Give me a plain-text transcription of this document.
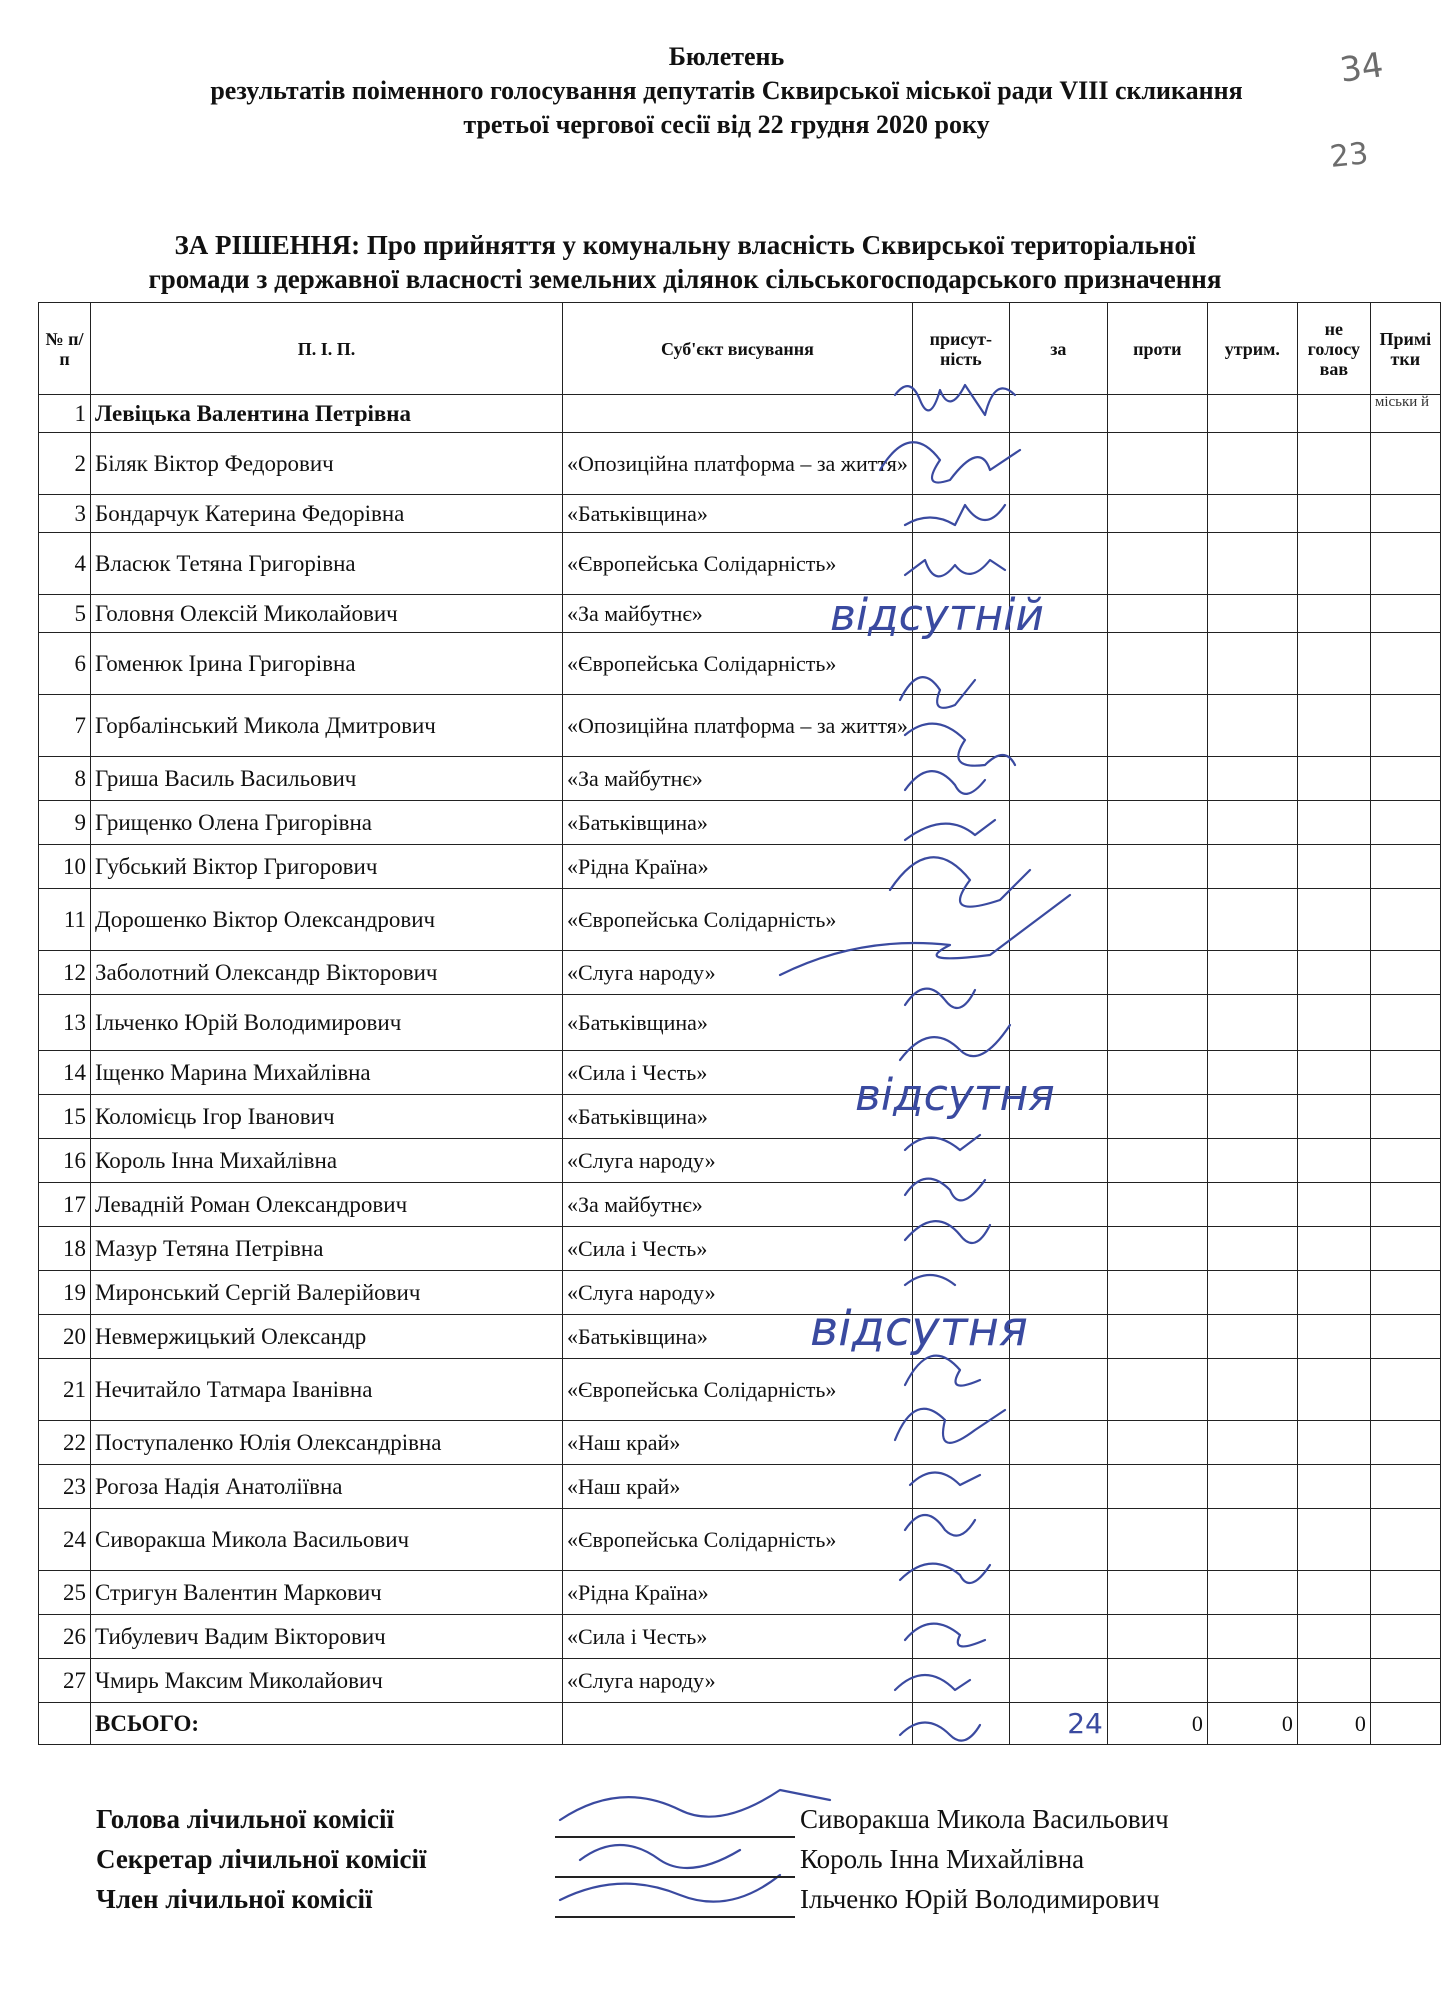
Бюлетень
результатів поіменного голосування депутатів Сквирської міської ради VIII скликання
третьої чергової сесії від 22 грудня 2020 року
34
23
ЗА РІШЕННЯ: Про прийняття у комунальну власність Сквирської територіальної
громади з державної власності земельних ділянок сільськогосподарського призначення
№ п/п	П. І. П.	Суб'єкт висування	присут-ність	за	проти	утрим.	не голосу вав	Примі тки
1	Левіцька Валентина Петрівна							міськи й
2	Біляк Віктор Федорович	«Опозиційна платформа – за життя»						
3	Бондарчук Катерина Федорівна	«Батьківщина»						
4	Власюк Тетяна Григорівна	«Європейська Солідарність»						
5	Головня Олексій Миколайович	«За майбутнє»						
6	Гоменюк Ірина Григорівна	«Європейська Солідарність»						
7	Горбалінський Микола Дмитрович	«Опозиційна платформа – за життя»						
8	Гриша Василь Васильович	«За майбутнє»						
9	Грищенко Олена Григорівна	«Батьківщина»						
10	Губський Віктор Григорович	«Рідна Країна»						
11	Дорошенко Віктор Олександрович	«Європейська Солідарність»						
12	Заболотний Олександр Вікторович	«Слуга народу»						
13	Ільченко Юрій Володимирович	«Батьківщина»						
14	Іщенко Марина Михайлівна	«Сила і Честь»						
15	Коломієць Ігор Іванович	«Батьківщина»						
16	Король Інна Михайлівна	«Слуга народу»						
17	Левадній Роман Олександрович	«За майбутнє»						
18	Мазур Тетяна Петрівна	«Сила і Честь»						
19	Миронський Сергій Валерійович	«Слуга народу»						
20	Невмержицький Олександр	«Батьківщина»						
21	Нечитайло Татмара Іванівна	«Європейська Солідарність»						
22	Поступаленко Юлія Олександрівна	«Наш край»						
23	Рогоза Надія Анатоліївна	«Наш край»						
24	Сиворакша Микола Васильович	«Європейська Солідарність»						
25	Стригун Валентин Маркович	«Рідна Країна»						
26	Тибулевич Вадим Вікторович	«Сила і Честь»						
27	Чмирь Максим Миколайович	«Слуга народу»						
	ВСЬОГО:			24	0	0	0	
відсутній
відсутня
відсутня
Голова лічильної комісії	Сиворакша Микола Васильович
Секретар лічильної комісії	Король Інна Михайлівна
Член лічильної комісії	Ільченко Юрій Володимирович
